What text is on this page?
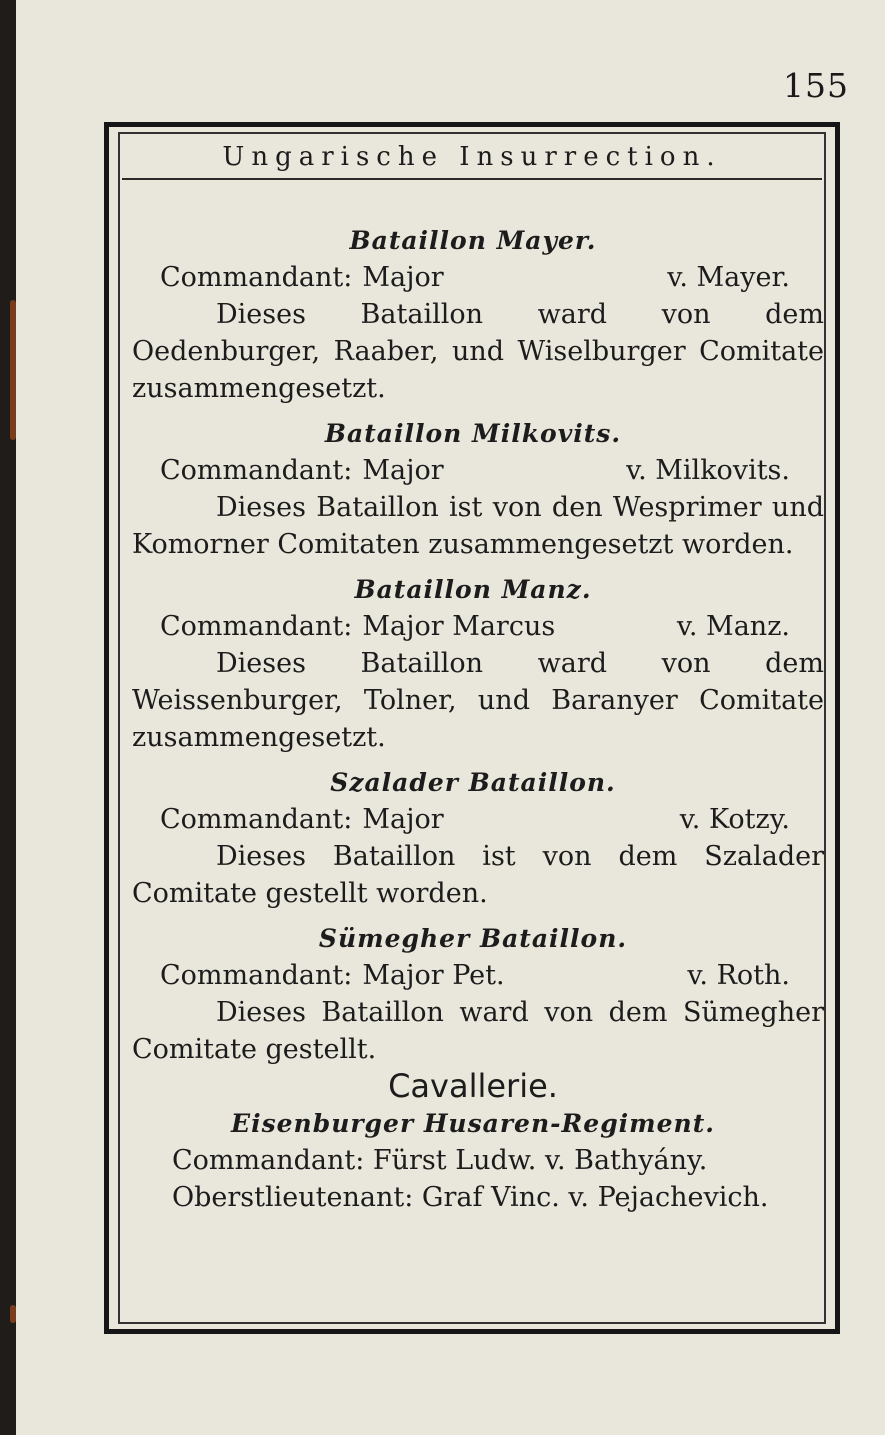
155
Ungarische Insurrection.

Bataillon Mayer.

Commandant: Major	v. Mayer.

Dieses Bataillon ward von dem Oedenburger, Raaber, und Wiselburger Comitate zusammengesetzt.

Bataillon Milkovits.

Commandant: Major	v. Milkovits.

Dieses Bataillon ist von den Wesprimer und Komorner Comitaten zusammengesetzt worden.

Bataillon Manz.

Commandant: Major Marcus	v. Manz.

Dieses Bataillon ward von dem Weissenburger, Tolner, und Baranyer Comitate zusammengesetzt.

Szalader Bataillon.

Commandant: Major	v. Kotzy.

Dieses Bataillon ist von dem Szalader Comitate gestellt worden.

Sümegher Bataillon.

Commandant: Major Pet.	v. Roth.

Dieses Bataillon ward von dem Sümegher Comitate gestellt.

Cavallerie.

Eisenburger Husaren-Regiment.

Commandant: Fürst Ludw. v. Bathyány.

Oberstlieutenant: Graf Vinc. v. Pejachevich.
